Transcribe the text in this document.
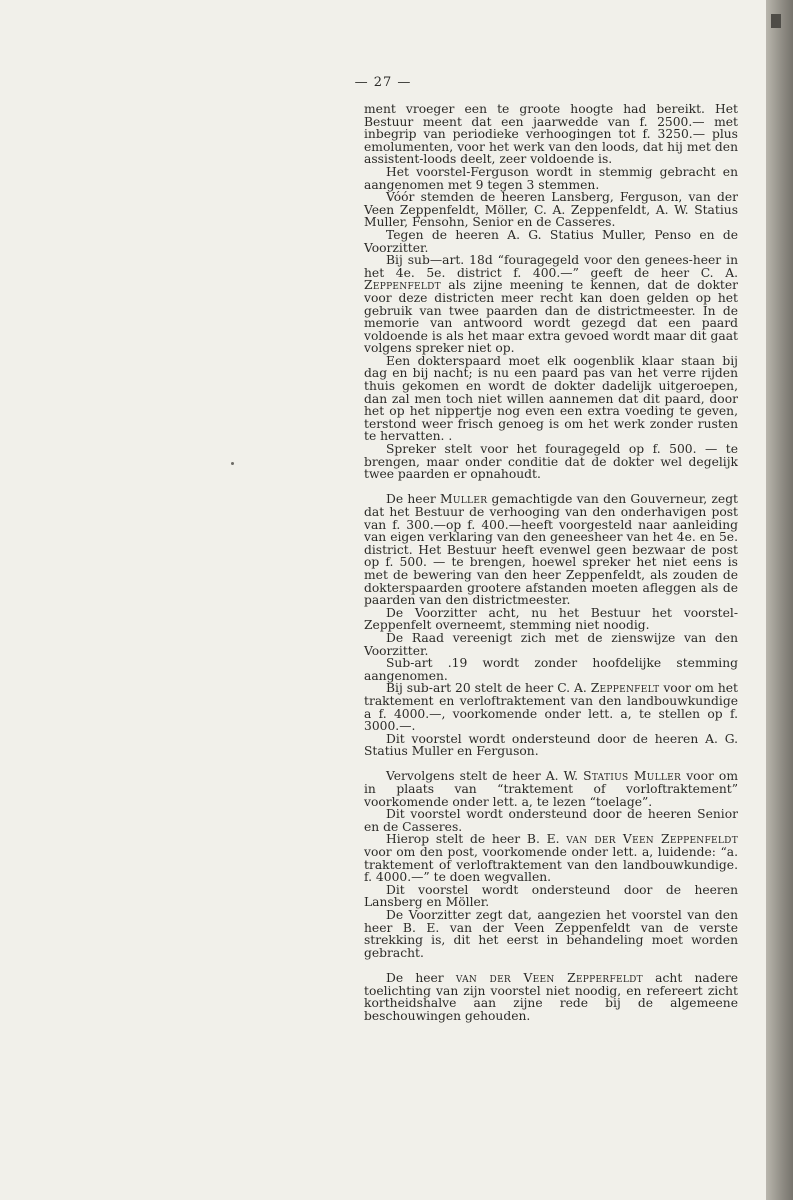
— 27 —

ment vroeger een te groote hoogte had bereikt. Het Bestuur meent dat een jaarwedde van f. 2500.— met inbegrip van periodieke verhoogingen tot f. 3250.— plus emolumenten, voor het werk van den loods, dat hij met den assistent-loods deelt, zeer voldoende is.

Het voorstel-Ferguson wordt in stemmig gebracht en aangenomen met 9 tegen 3 stemmen.

Vóór stemden de heeren Lansberg, Ferguson, van der Veen Zeppenfeldt, Möller, C. A. Zeppenfeldt, A. W. Statius Muller, Fensohn, Senior en de Casseres.

Tegen de heeren A. G. Statius Muller, Penso en de Voorzitter.

Bij sub—art. 18d “fouragegeld voor den genees-heer in het 4e. 5e. district f. 400.—” geeft de heer C. A. Zeppenfeldt als zijne meening te kennen, dat de dokter voor deze districten meer recht kan doen gelden op het gebruik van twee paarden dan de districtmeester. In de memorie van antwoord wordt gezegd dat een paard voldoende is als het maar extra gevoed wordt maar dit gaat volgens spreker niet op.

Een dokterspaard moet elk oogenblik klaar staan bij dag en bij nacht; is nu een paard pas van het verre rijden thuis gekomen en wordt de dokter dadelijk uitgeroepen, dan zal men toch niet willen aannemen dat dit paard, door het op het nippertje nog even een extra voeding te geven, terstond weer frisch genoeg is om het werk zonder rusten te hervatten. .

Spreker stelt voor het fouragegeld op f. 500. — te brengen, maar onder conditie dat de dokter wel degelijk twee paarden er opnahoudt.

De heer Muller gemachtigde van den Gouverneur, zegt dat het Bestuur de verhooging van den onderhavigen post van f. 300.—op f. 400.—heeft voorgesteld naar aanleiding van eigen verklaring van den geneesheer van het 4e. en 5e. district. Het Bestuur heeft evenwel geen bezwaar de post op f. 500. — te brengen, hoewel spreker het niet eens is met de bewering van den heer Zeppenfeldt, als zouden de dokterspaarden grootere afstanden moeten afleggen als de paarden van den districtmeester.

De Voorzitter acht, nu het Bestuur het voorstel-Zeppenfelt overneemt, stemming niet noodig.

De Raad vereenigt zich met de zienswijze van den Voorzitter.

Sub-art .19 wordt zonder hoofdelijke stemming aangenomen.

Bij sub-art 20 stelt de heer C. A. Zeppenfelt voor om het traktement en verloftraktement van den landbouwkundige a f. 4000.—, voorkomende onder lett. a, te stellen op f. 3000.—.

Dit voorstel wordt ondersteund door de heeren A. G. Statius Muller en Ferguson.

Vervolgens stelt de heer A. W. Statius Muller voor om in plaats van “traktement of vorloftraktement” voorkomende onder lett. a, te lezen “toelage”.

Dit voorstel wordt ondersteund door de heeren Senior en de Casseres.

Hierop stelt de heer B. E. van der Veen Zeppenfeldt voor om den post, voorkomende onder lett. a, luidende: “a. traktement of verloftraktement van den landbouwkundige. f. 4000.—” te doen wegvallen.

Dit voorstel wordt ondersteund door de heeren Lansberg en Möller.

De Voorzitter zegt dat, aangezien het voorstel van den heer B. E. van der Veen Zeppenfeldt van de verste strekking is, dit het eerst in behandeling moet worden gebracht.

De heer van der Veen Zepperfeldt acht nadere toelichting van zijn voorstel niet noodig, en refereert zicht kortheidshalve aan zijne rede bij de algemeene beschouwingen gehouden.
